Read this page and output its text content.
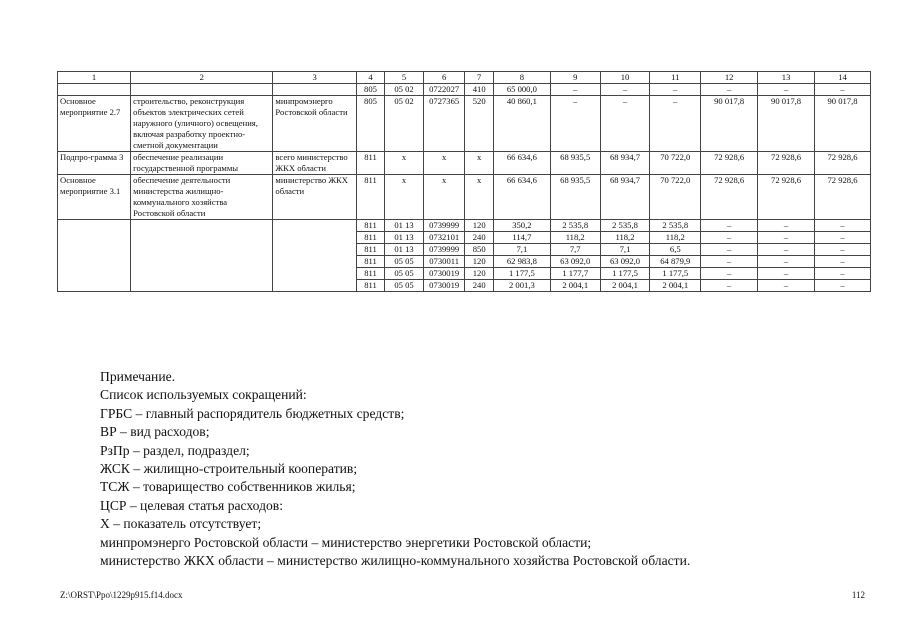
1	2	3	4	5	6	7	8	9	10	11	12	13	14
			805	05 02	0722027	410	65 000,0	–	–	–	–	–	–
Основное мероприятие 2.7	строительство, реконструкция объектов электрических сетей наружного (уличного) освещения, включая разработку проектно-сметной документации	минпромэнерго Ростовской области	805	05 02	0727365	520	40 860,1	–	–	–	90 017,8	90 017,8	90 017,8
Подпро-грамма 3	обеспечение реализации государственной программы	всего министерство ЖКХ области	811	x	x	x	66 634,6	68 935,5	68 934,7	70 722,0	72 928,6	72 928,6	72 928,6
Основное мероприятие 3.1	обеспечение деятельности министерства жилищно-коммунального хозяйства Ростовской области	министерство ЖКХ области	811	x	x	x	66 634,6	68 935,5	68 934,7	70 722,0	72 928,6	72 928,6	72 928,6
			811	01 13	0739999	120	350,2	2 535,8	2 535,8	2 535,8	–	–	–
			811	01 13	0732101	240	114,7	118,2	118,2	118,2	–	–	–
			811	01 13	0739999	850	7,1	7,7	7,1	6,5	–	–	–
			811	05 05	0730011	120	62 983,8	63 092,0	63 092,0	64 879,9	–	–	–
			811	05 05	0730019	120	1 177,5	1 177,7	1 177,5	1 177,5	–	–	–
			811	05 05	0730019	240	2 001,3	2 004,1	2 004,1	2 004,1	–	–	–
Примечание.
Список используемых сокращений:
ГРБС – главный распорядитель бюджетных средств;
ВР – вид расходов;
РзПр – раздел, подраздел;
ЖСК – жилищно-строительный кооператив;
ТСЖ – товарищество собственников жилья;
ЦСР – целевая статья расходов:
Х – показатель отсутствует;
минпромэнерго Ростовской области – министерство энергетики Ростовской области;
министерство ЖКХ области – министерство жилищно-коммунального хозяйства Ростовской области.
Z:\ORST\Ppo\1229p915.f14.docx	112
